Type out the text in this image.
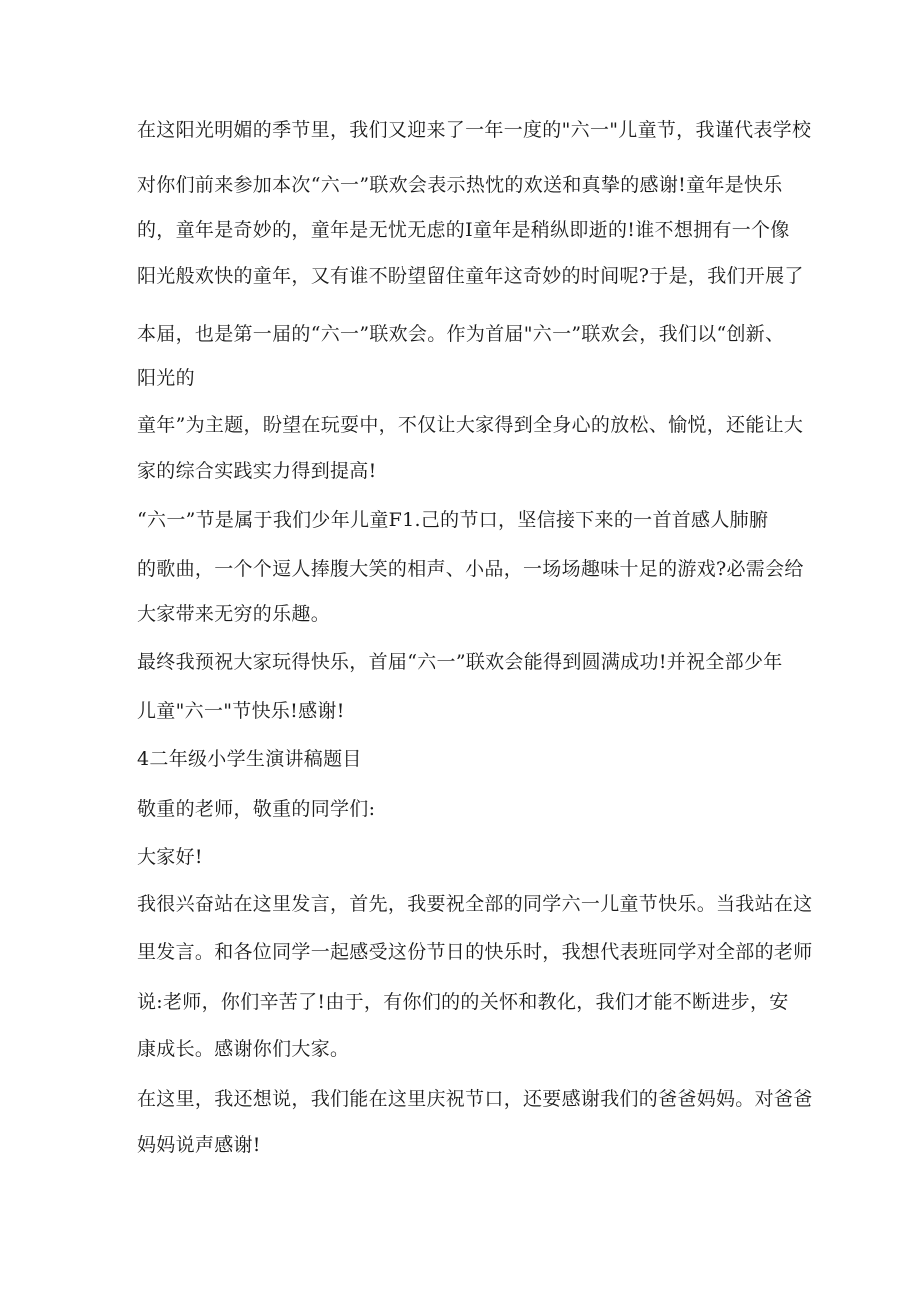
在这阳光明媚的季节里，我们又迎来了一年一度的"六一"儿童节，我谨代表学校
对你们前来参加本次“六一”联欢会表示热忱的欢送和真挚的感谢!童年是快乐
的，童年是奇妙的，童年是无忧无虑的I童年是稍纵即逝的!谁不想拥有一个像
阳光般欢快的童年，又有谁不盼望留住童年这奇妙的时间呢?于是，我们开展了
本届，也是第一届的“六一”联欢会。作为首届"六一”联欢会，我们以“创新、
阳光的
童年”为主题，盼望在玩耍中，不仅让大家得到全身心的放松、愉悦，还能让大
家的综合实践实力得到提高!
“六一”节是属于我们少年儿童F1.己的节口，坚信接下来的一首首感人肺腑
的歌曲，一个个逗人捧腹大笑的相声、小品，一场场趣味十足的游戏?必需会给
大家带来无穷的乐趣。
最终我预祝大家玩得快乐，首届“六一”联欢会能得到圆满成功!并祝全部少年
儿童"六一"节快乐!感谢!
4二年级小学生演讲稿题目
敬重的老师，敬重的同学们:
大家好!
我很兴奋站在这里发言，首先，我要祝全部的同学六一儿童节快乐。当我站在这
里发言。和各位同学一起感受这份节日的快乐时，我想代表班同学对全部的老师
说:老师，你们辛苦了!由于，有你们的的关怀和教化，我们才能不断进步，安
康成长。感谢你们大家。
在这里，我还想说，我们能在这里庆祝节口，还要感谢我们的爸爸妈妈。对爸爸
妈妈说声感谢!
